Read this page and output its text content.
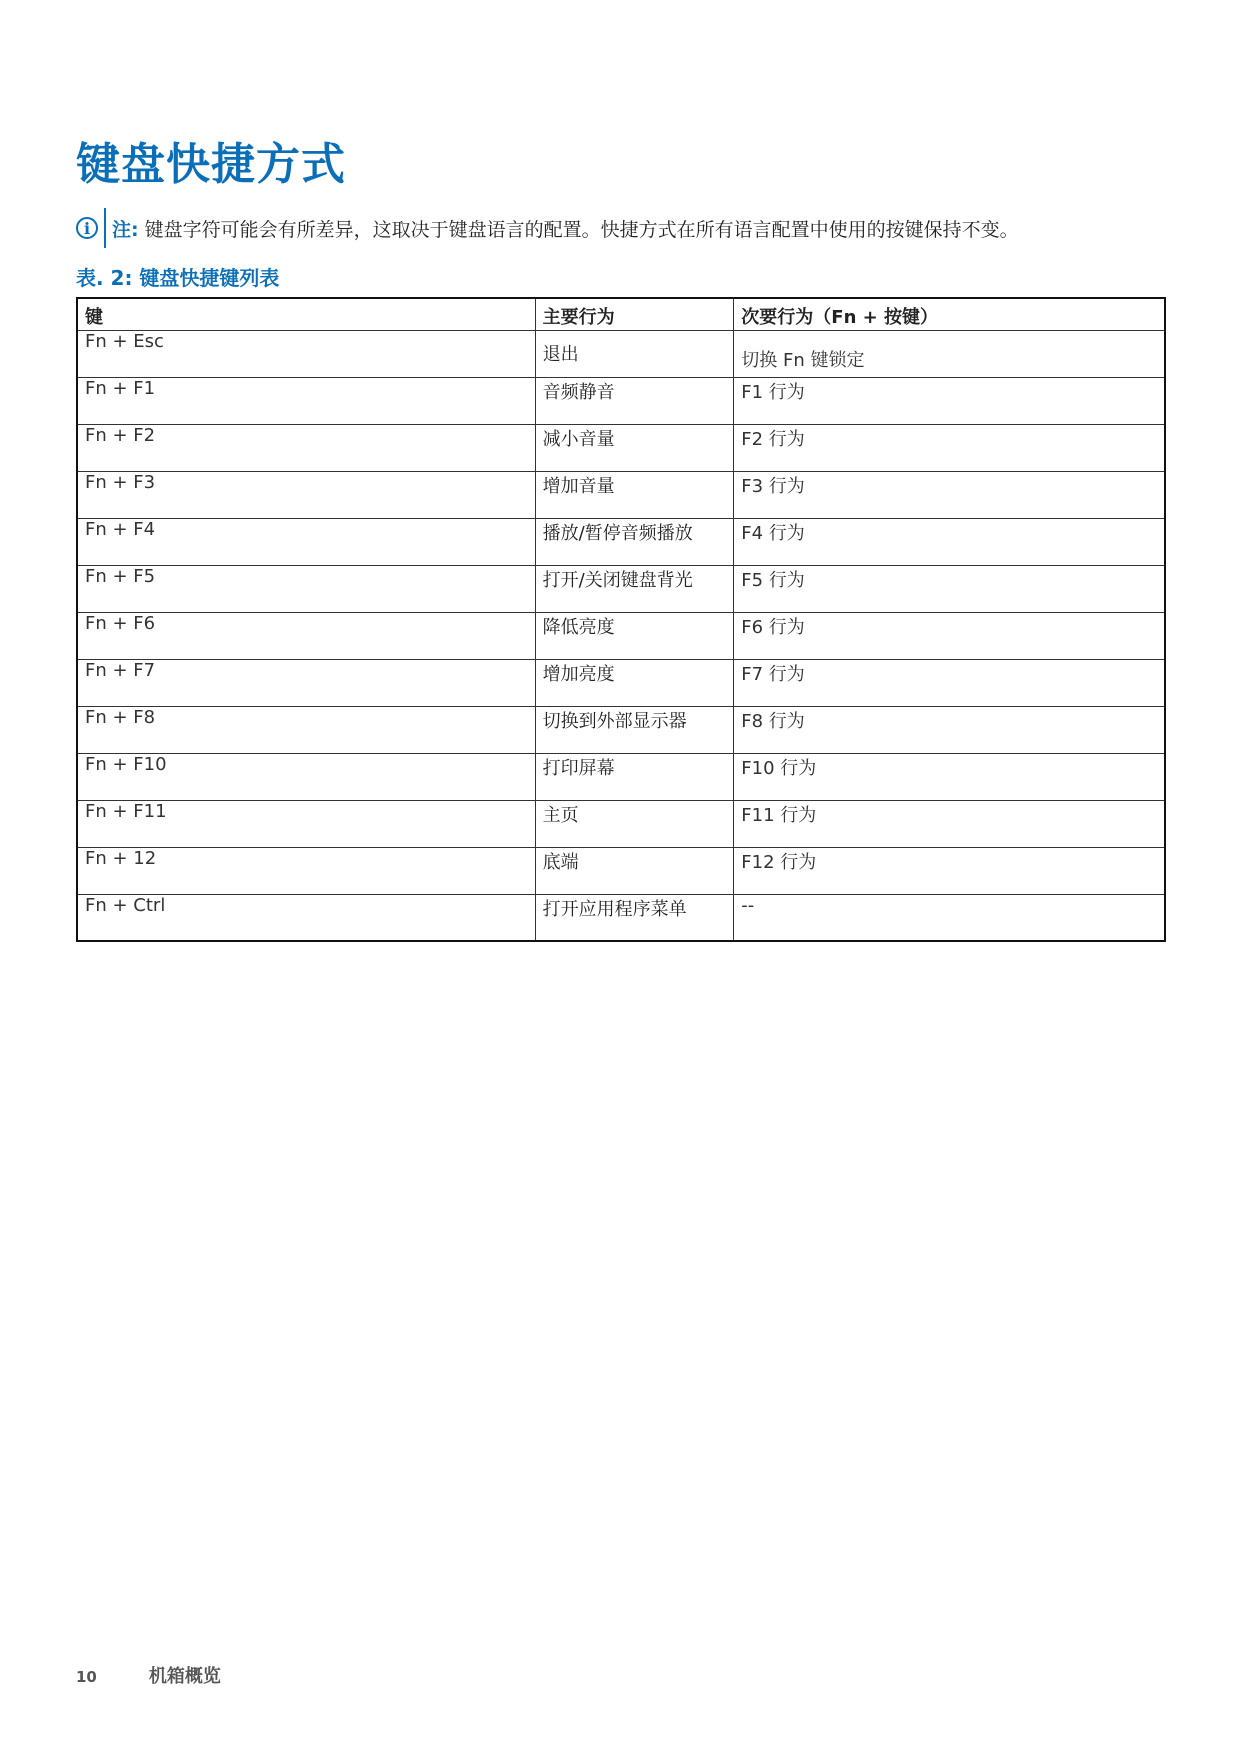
键盘快捷方式
i	注: 键盘字符可能会有所差异，这取决于键盘语言的配置。快捷方式在所有语言配置中使用的按键保持不变。
表. 2: 键盘快捷键列表
键	主要行为	次要行为（Fn + 按键）
Fn + Esc	退出	切换 Fn 键锁定
Fn + F1	音频静音	F1 行为
Fn + F2	减小音量	F2 行为
Fn + F3	增加音量	F3 行为
Fn + F4	播放/暂停音频播放	F4 行为
Fn + F5	打开/关闭键盘背光	F5 行为
Fn + F6	降低亮度	F6 行为
Fn + F7	增加亮度	F7 行为
Fn + F8	切换到外部显示器	F8 行为
Fn + F10	打印屏幕	F10 行为
Fn + F11	主页	F11 行为
Fn + 12	底端	F12 行为
Fn + Ctrl	打开应用程序菜单	--
10	机箱概览
